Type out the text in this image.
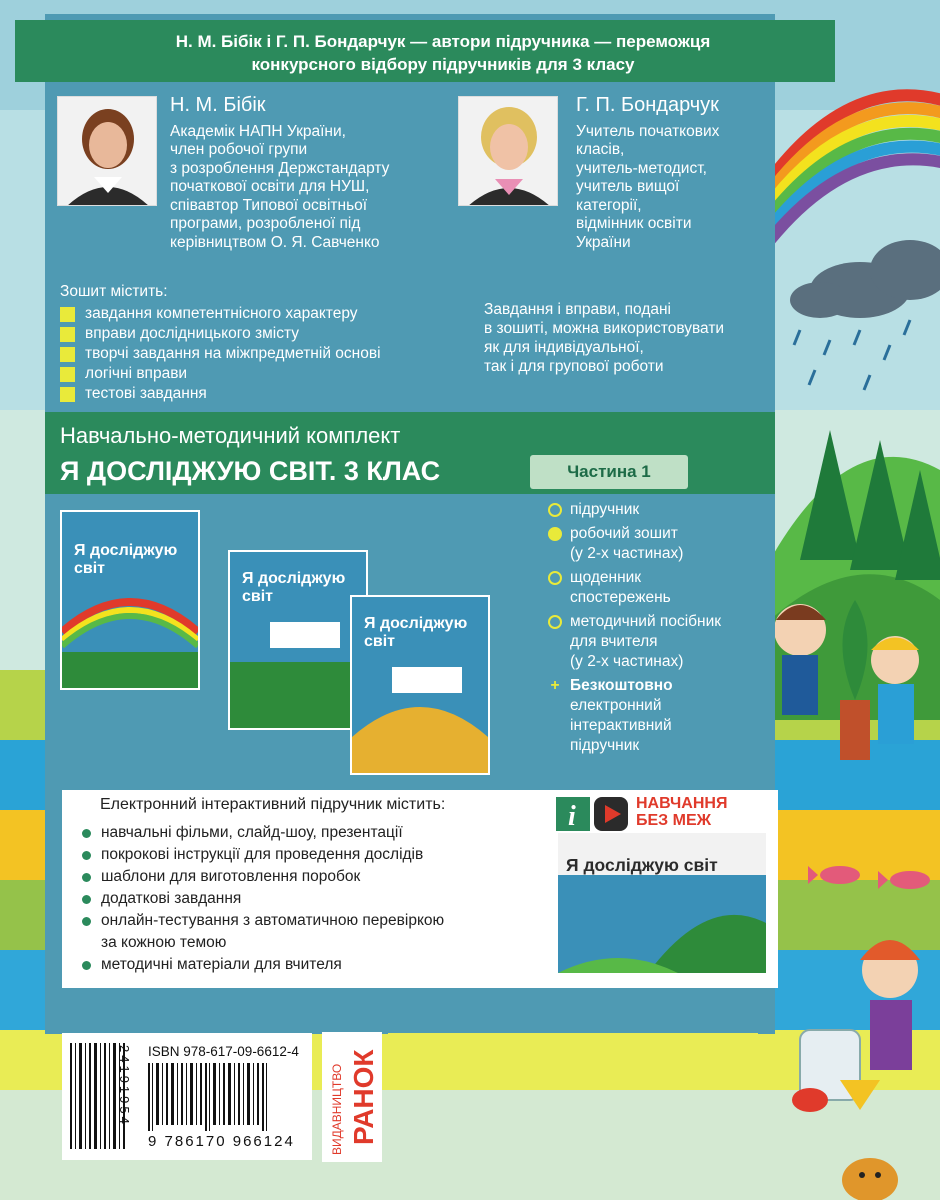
Н. М. Бібік і Г. П. Бондарчук — автори підручника — переможця
конкурсного відбору підручників для 3 класу
Н. М. Бібік
Академік НАПН України,
член робочої групи
з розроблення Держстандарту
початкової освіти для НУШ,
співавтор Типової освітньої
програми, розробленої під
керівництвом О. Я. Савченко
Г. П. Бондарчук
Учитель початкових
класів,
учитель-методист,
учитель вищої
категорії,
відмінник освіти
України
Зошит містить:
завдання компетентнісного характеру
вправи дослідницького змісту
творчі завдання на міжпредметній основі
логічні вправи
тестові завдання
Завдання і вправи, подані
в зошиті, можна використовувати
як для індивідуальної,
так і для групової роботи
Навчально-методичний комплект
Я ДОСЛІДЖУЮ СВІТ. 3 КЛАС	Частина 1
Я досліджую світ
Я досліджую світ
Я досліджую світ
підручник
робочий зошит
(у 2-х частинах)
щоденник
спостережень
методичний посібник
для вчителя
(у 2-х частинах)
+ Безкоштовно
електронний
інтерактивний
підручник
Електронний інтерактивний підручник містить:
навчальні фільми, слайд-шоу, презентації
покрокові інструкції для проведення дослідів
шаблони для виготовлення поробок
додаткові завдання
онлайн-тестування з автоматичною перевіркою
за кожною темою
методичні матеріали для вчителя
i	НАВЧАННЯ
БЕЗ МЕЖ
Я досліджую світ
24191954 ISBN 978-617-09-6612-4
9 786170 966124	ВИДАВНИЦТВО РАНОК
